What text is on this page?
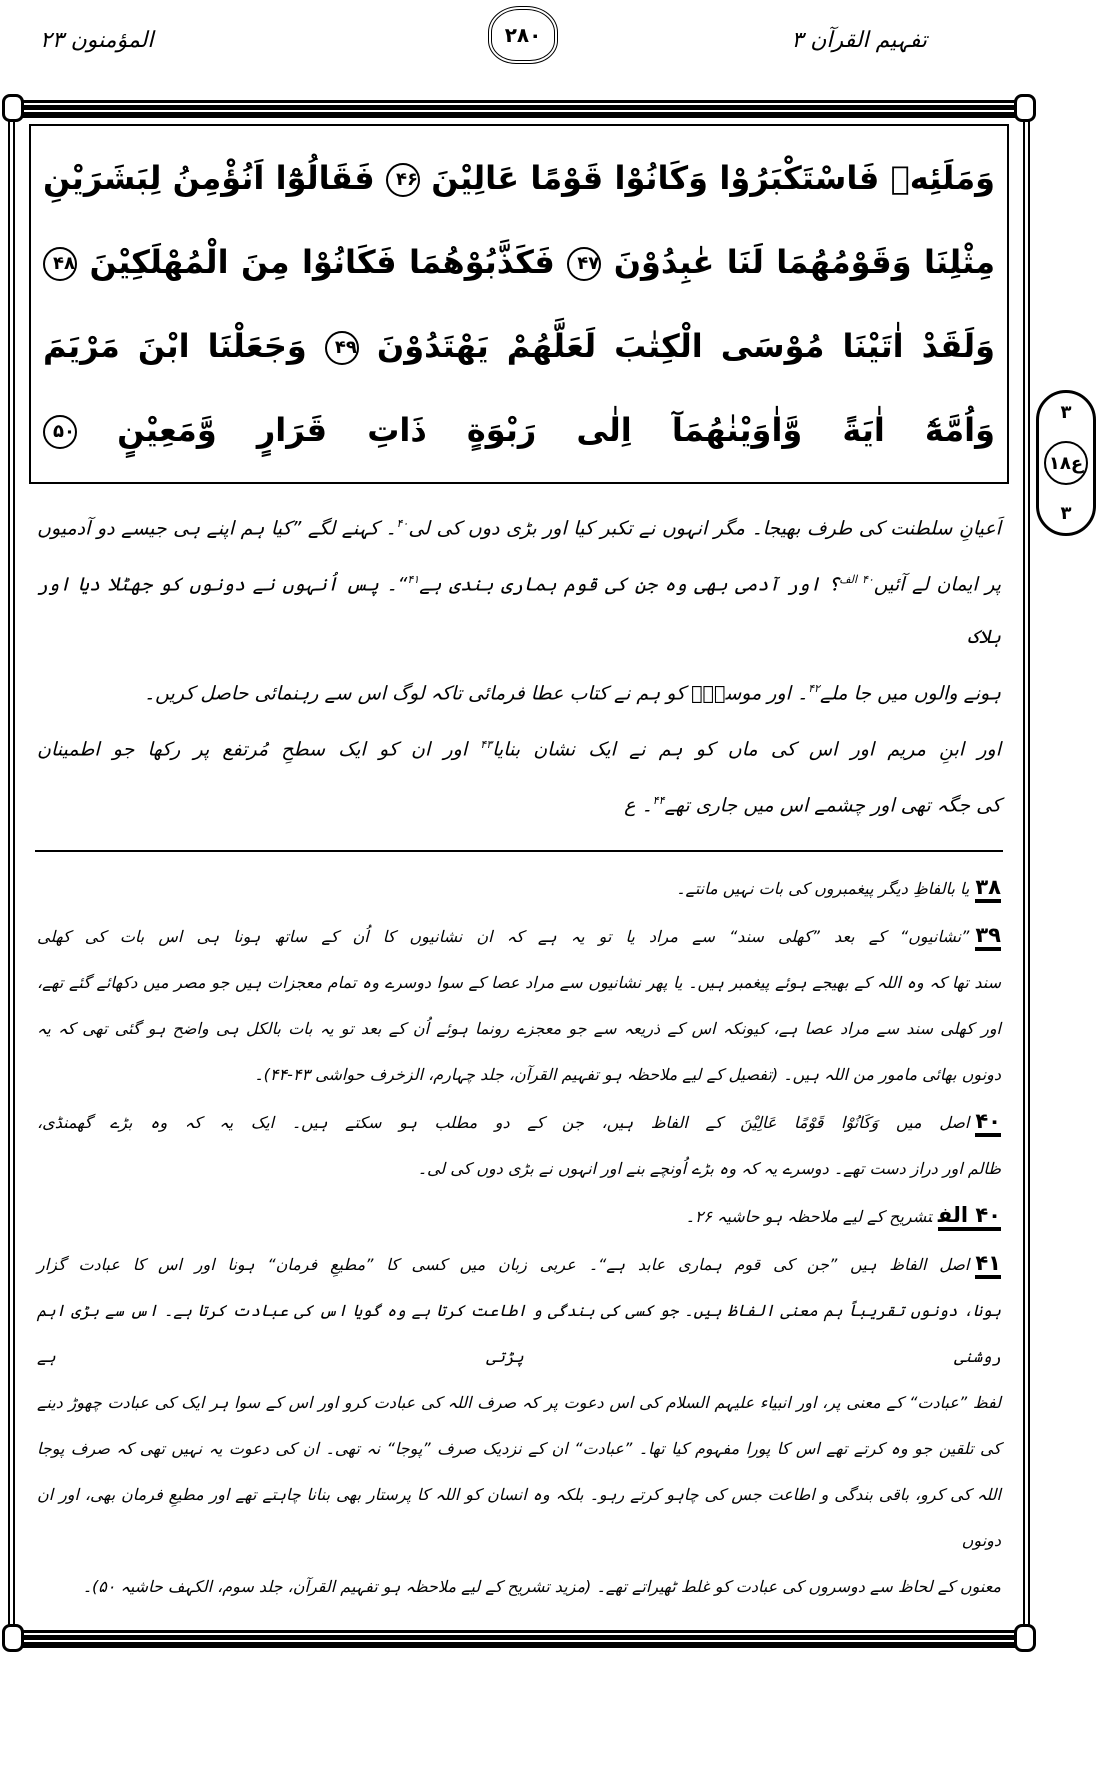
المؤمنون ۲۳	۲۸۰	تفہیم القرآن ۳
وَمَلَئِهٖ فَاسْتَكْبَرُوْا وَكَانُوْا قَوْمًا عَالِيْنَ ۴۶ فَقَالُوْٓا اَنُؤْمِنُ لِبَشَرَيْنِ
مِثْلِنَا وَقَوْمُهُمَا لَنَا عٰبِدُوْنَ ۴۷ فَكَذَّبُوْهُمَا فَكَانُوْا مِنَ الْمُهْلَكِيْنَ ۴۸
وَلَقَدْ اٰتَيْنَا مُوْسَى الْكِتٰبَ لَعَلَّهُمْ يَهْتَدُوْنَ ۴۹ وَجَعَلْنَا ابْنَ مَرْيَمَ
وَاُمَّهٗٓ اٰيَةً وَّاٰوَيْنٰهُمَآ اِلٰى رَبْوَةٍ ذَاتِ قَرَارٍ وَّمَعِيْنٍ ۵۰
اَعیانِ سلطنت کی طرف بھیجا۔ مگر انہوں نے تکبر کیا اور بڑی دوں کی لی$^{۴۰}$۔ کہنے لگے ”کیا ہم اپنے ہی جیسے دو آدمیوں
پر ایمان لے آئیں$^{۴۰ الف}$؟ اور آدمی بھی وہ جن کی قوم ہماری بندی ہے$^{۴۱}$“۔ پس اُنہوں نے دونوں کو جھٹلا دیا اور ہلاک
ہونے والوں میں جا ملے$^{۴۲}$۔ اور موسیٰؑ کو ہم نے کتاب عطا فرمائی تاکہ لوگ اس سے رہنمائی حاصل کریں۔
اور ابنِ مریم اور اس کی ماں کو ہم نے ایک نشان بنایا$^{۴۳}$ اور ان کو ایک سطحِ مُرتفع پر رکھا جو اطمینان
کی جگہ تھی اور چشمے اس میں جاری تھے$^{۴۴}$۔ ع
۳۸یا بالفاظِ دیگر پیغمبروں کی بات نہیں مانتے۔
۳۹”نشانیوں“ کے بعد ”کھلی سند“ سے مراد یا تو یہ ہے کہ ان نشانیوں کا اُن کے ساتھ ہونا ہی اس بات کی کھلی
سند تھا کہ وہ اللہ کے بھیجے ہوئے پیغمبر ہیں۔ یا پھر نشانیوں سے مراد عصا کے سوا دوسرے وہ تمام معجزات ہیں جو مصر میں دکھائے گئے تھے،
اور کھلی سند سے مراد عصا ہے، کیونکہ اس کے ذریعہ سے جو معجزے رونما ہوئے اُن کے بعد تو یہ بات بالکل ہی واضح ہو گئی تھی کہ یہ
دونوں بھائی مامور من اللہ ہیں۔ (تفصیل کے لیے ملاحظہ ہو تفہیم القرآن، جلد چہارم، الزخرف حواشی ۴۳-۴۴)۔
۴۰اصل میں وَكَانُوْا قَوْمًا عَالِيْنَ کے الفاظ ہیں، جن کے دو مطلب ہو سکتے ہیں۔ ایک یہ کہ وہ بڑے گھمنڈی،
ظالم اور دراز دست تھے۔ دوسرے یہ کہ وہ بڑے اُونچے بنے اور انہوں نے بڑی دوں کی لی۔
۴۰ الفتشریح کے لیے ملاحظہ ہو حاشیہ ۲۶۔
۴۱اصل الفاظ ہیں ”جن کی قوم ہماری عابد ہے“۔ عربی زبان میں کسی کا ”مطیعِ فرمان“ ہونا اور اس کا عبادت گزار
ہونا، دونوں تقریباً ہم معنی الفاظ ہیں۔ جو کسی کی بندگی و اطاعت کرتا ہے وہ گویا اس کی عبادت کرتا ہے۔ اس سے بڑی اہم روشنی پڑتی ہے
لفظ ”عبادت“ کے معنی پر، اور انبیاء علیہم السلام کی اس دعوت پر کہ صرف اللہ کی عبادت کرو اور اس کے سوا ہر ایک کی عبادت چھوڑ دینے
کی تلقین جو وہ کرتے تھے اس کا پورا مفہوم کیا تھا۔ ”عبادت“ ان کے نزدیک صرف ”پوجا“ نہ تھی۔ ان کی دعوت یہ نہیں تھی کہ صرف پوجا
اللہ کی کرو، باقی بندگی و اطاعت جس کی چاہو کرتے رہو۔ بلکہ وہ انسان کو اللہ کا پرستار بھی بنانا چاہتے تھے اور مطیعِ فرمان بھی، اور ان دونوں
معنوں کے لحاظ سے دوسروں کی عبادت کو غلط ٹھیراتے تھے۔ (مزید تشریح کے لیے ملاحظہ ہو تفہیم القرآن، جلد سوم، الکہف حاشیہ ۵۰)۔
۳
ع۱۸
۳
